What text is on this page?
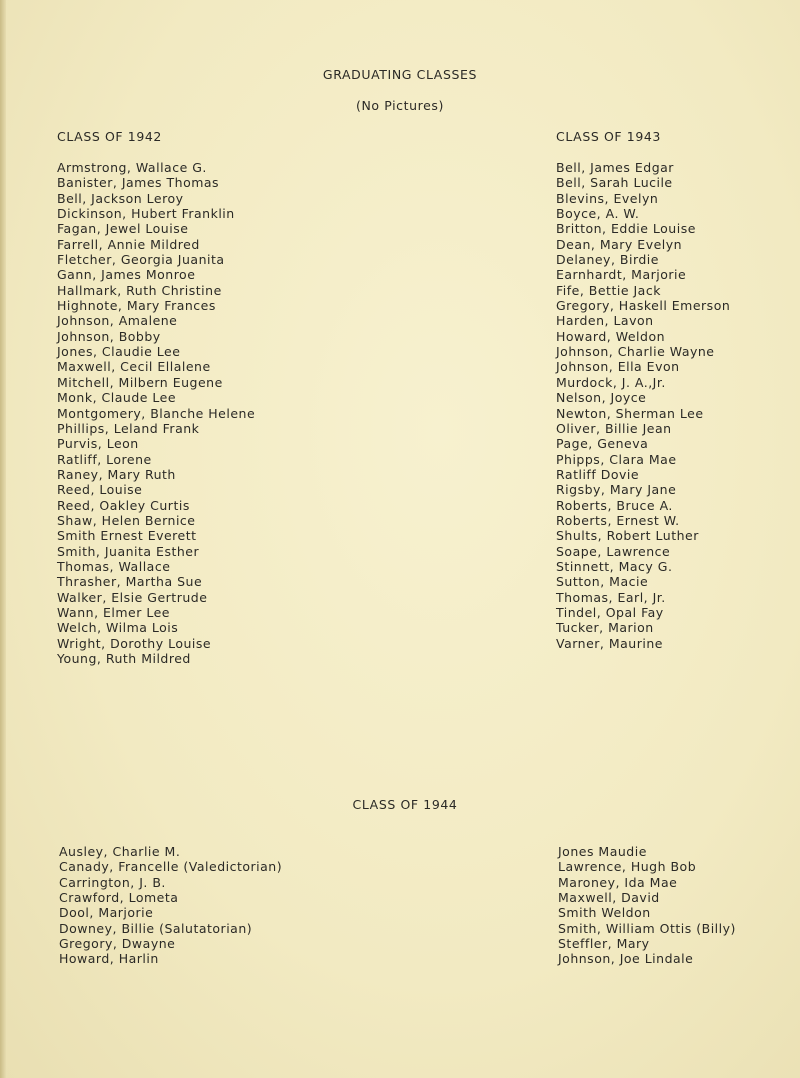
GRADUATING CLASSES
(No Pictures)
CLASS OF 1942	CLASS OF 1943
Armstrong, Wallace G.
Banister, James Thomas
Bell, Jackson Leroy
Dickinson, Hubert Franklin
Fagan, Jewel Louise
Farrell, Annie Mildred
Fletcher, Georgia Juanita
Gann, James Monroe
Hallmark, Ruth Christine
Highnote, Mary Frances
Johnson, Amalene
Johnson, Bobby
Jones, Claudie Lee
Maxwell, Cecil Ellalene
Mitchell, Milbern Eugene
Monk, Claude Lee
Montgomery, Blanche Helene
Phillips, Leland Frank
Purvis, Leon
Ratliff, Lorene
Raney, Mary Ruth
Reed, Louise
Reed, Oakley Curtis
Shaw, Helen Bernice
Smith Ernest Everett
Smith, Juanita Esther
Thomas, Wallace
Thrasher, Martha Sue
Walker, Elsie Gertrude
Wann, Elmer Lee
Welch, Wilma Lois
Wright, Dorothy Louise
Young, Ruth Mildred
Bell, James Edgar
Bell, Sarah Lucile
Blevins, Evelyn
Boyce, A. W.
Britton, Eddie Louise
Dean, Mary Evelyn
Delaney, Birdie
Earnhardt, Marjorie
Fife, Bettie Jack
Gregory, Haskell Emerson
Harden, Lavon
Howard, Weldon
Johnson, Charlie Wayne
Johnson, Ella Evon
Murdock, J. A.,Jr.
Nelson, Joyce
Newton, Sherman Lee
Oliver, Billie Jean
Page, Geneva
Phipps, Clara Mae
Ratliff Dovie
Rigsby, Mary Jane
Roberts, Bruce A.
Roberts, Ernest W.
Shults, Robert Luther
Soape, Lawrence
Stinnett, Macy G.
Sutton, Macie
Thomas, Earl, Jr.
Tindel, Opal Fay
Tucker, Marion
Varner, Maurine
CLASS OF 1944
Ausley, Charlie M.
Canady, Francelle (Valedictorian)
Carrington, J. B.
Crawford, Lometa
Dool, Marjorie
Downey, Billie (Salutatorian)
Gregory, Dwayne
Howard, Harlin
Jones Maudie
Lawrence, Hugh Bob
Maroney, Ida Mae
Maxwell, David
Smith Weldon
Smith, William Ottis (Billy)
Steffler, Mary
Johnson, Joe Lindale
